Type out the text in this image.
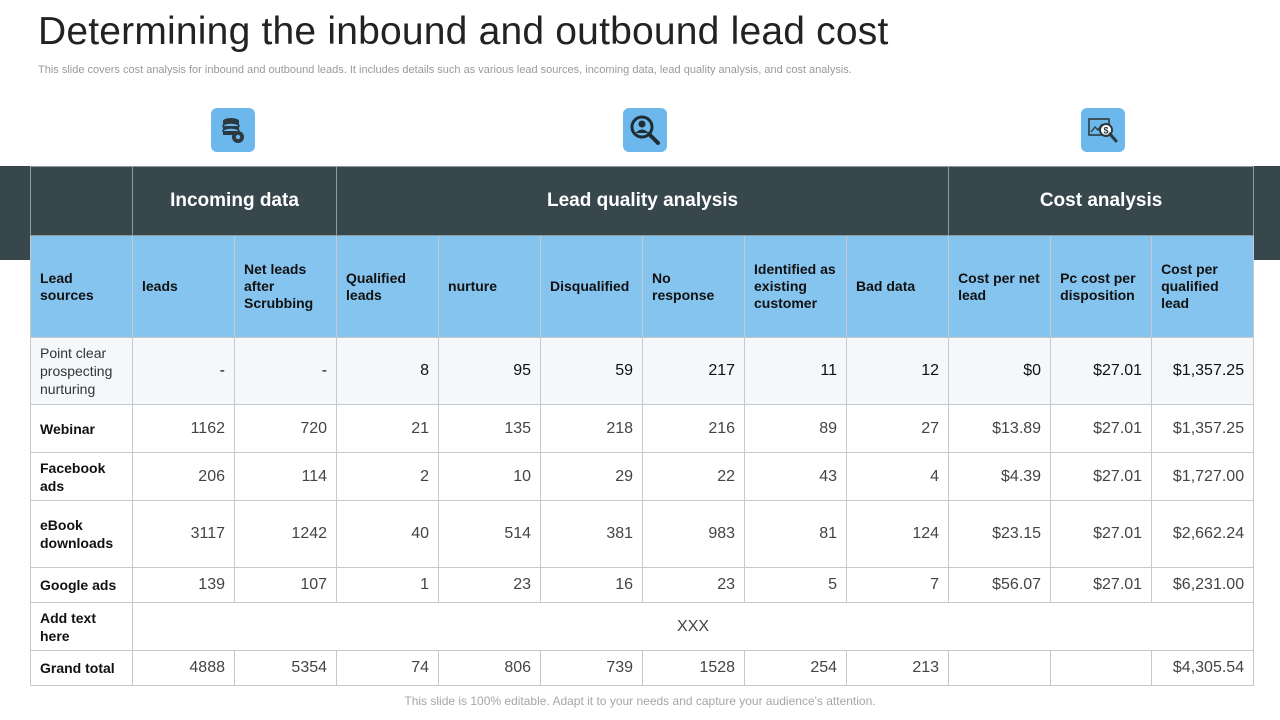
Determining the inbound and outbound lead cost

This slide covers cost analysis for inbound and outbound leads. It includes details such as various lead sources, incoming data, lead quality analysis, and cost analysis.

$
	Incoming data		Lead quality analysis						Cost analysis		
Lead sources	leads	Net leads after Scrubbing	Qualified leads	nurture	Disqualified	No response	Identified as existing customer	Bad data	Cost per net lead	Pc cost per disposition	Cost per qualified lead
Point clear prospecting nurturing	-	-	8	95	59	217	11	12	$0	$27.01	$1,357.25
Webinar	1162	720	21	135	218	216	89	27	$13.89	$27.01	$1,357.25
Facebook ads	206	114	2	10	29	22	43	4	$4.39	$27.01	$1,727.00
eBook downloads	3117	1242	40	514	381	983	81	124	$23.15	$27.01	$2,662.24
Google ads	139	107	1	23	16	23	5	7	$56.07	$27.01	$6,231.00
Add text here	XXX										
Grand total	4888	5354	74	806	739	1528	254	213			$4,305.54

This slide is 100% editable. Adapt it to your needs and capture your audience's attention.
